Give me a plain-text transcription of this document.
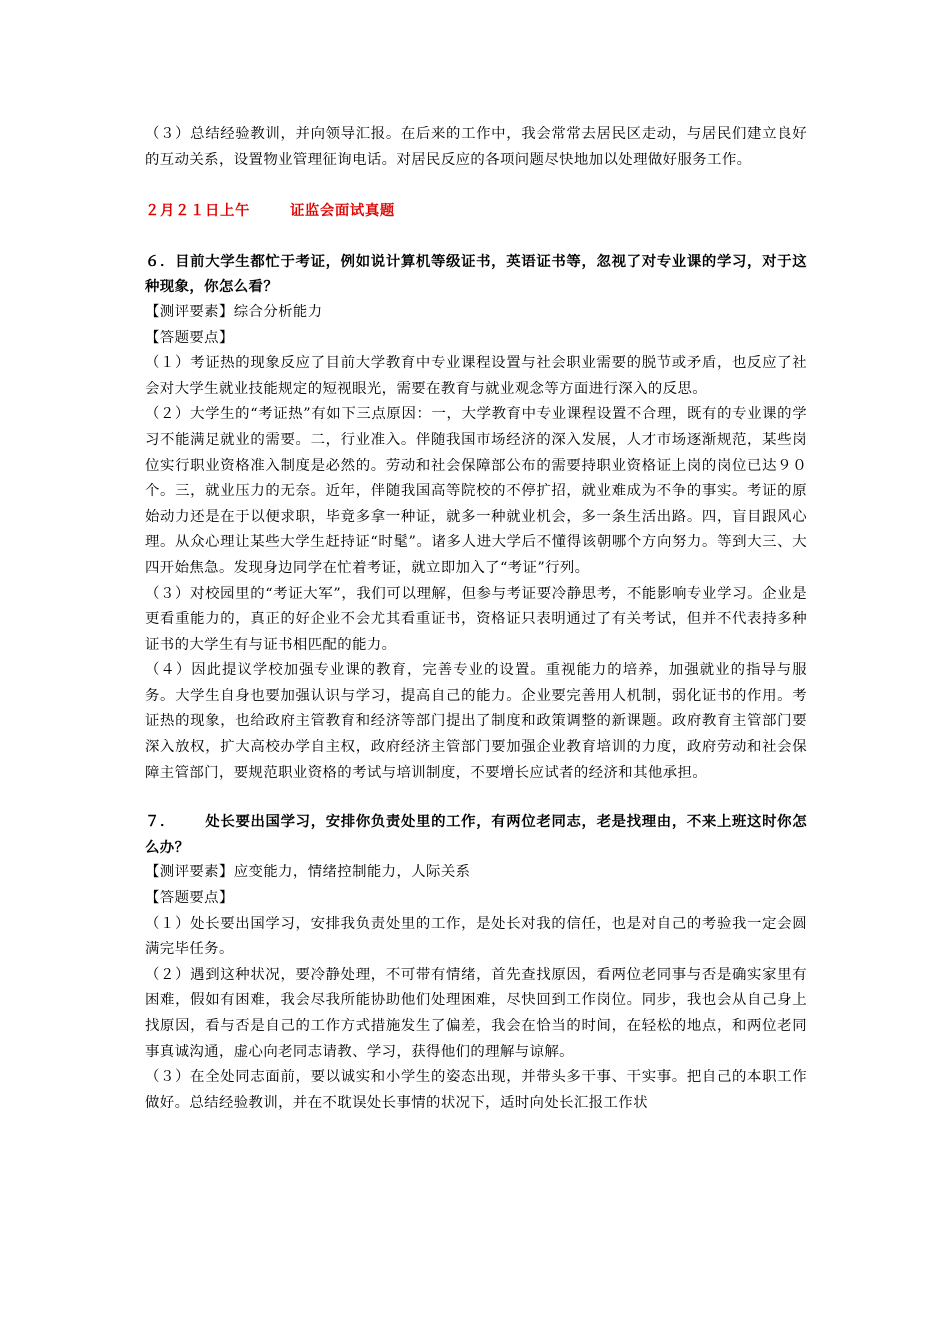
（３）总结经验教训，并向领导汇报。在后来的工作中，我会常常去居民区走动，与居民们建立良好的互动关系，设置物业管理征询电话。对居民反应的各项问题尽快地加以处理做好服务工作。

２月２１日上午	证监会面试真题

６．目前大学生都忙于考证，例如说计算机等级证书，英语证书等，忽视了对专业课的学习，对于这种现象，你怎么看？

【测评要素】综合分析能力

【答题要点】

（１）考证热的现象反应了目前大学教育中专业课程设置与社会职业需要的脱节或矛盾，也反应了社会对大学生就业技能规定的短视眼光，需要在教育与就业观念等方面进行深入的反思。

（２）大学生的“考证热”有如下三点原因：一，大学教育中专业课程设置不合理，既有的专业课的学习不能满足就业的需要。二，行业准入。伴随我国市场经济的深入发展，人才市场逐渐规范，某些岗位实行职业资格准入制度是必然的。劳动和社会保障部公布的需要持职业资格证上岗的岗位已达９０个。三，就业压力的无奈。近年，伴随我国高等院校的不停扩招，就业难成为不争的事实。考证的原始动力还是在于以便求职，毕竟多拿一种证，就多一种就业机会，多一条生活出路。四，盲目跟风心理。从众心理让某些大学生赶持证“时髦”。诸多人进大学后不懂得该朝哪个方向努力。等到大三、大四开始焦急。发现身边同学在忙着考证，就立即加入了“考证”行列。

（３）对校园里的“考证大军”，我们可以理解，但参与考证要冷静思考，不能影响专业学习。企业是更看重能力的，真正的好企业不会尤其看重证书，资格证只表明通过了有关考试，但并不代表持多种证书的大学生有与证书相匹配的能力。

（４）因此提议学校加强专业课的教育，完善专业的设置。重视能力的培养，加强就业的指导与服务。大学生自身也要加强认识与学习，提高自己的能力。企业要完善用人机制，弱化证书的作用。考证热的现象，也给政府主管教育和经济等部门提出了制度和政策调整的新课题。政府教育主管部门要深入放权，扩大高校办学自主权，政府经济主管部门要加强企业教育培训的力度，政府劳动和社会保障主管部门，要规范职业资格的考试与培训制度，不要增长应试者的经济和其他承担。

７． 处长要出国学习，安排你负责处里的工作，有两位老同志，老是找理由，不来上班这时你怎么办？

【测评要素】应变能力，情绪控制能力，人际关系

【答题要点】

（１）处长要出国学习，安排我负责处里的工作，是处长对我的信任，也是对自己的考验我一定会圆满完毕任务。

（２）遇到这种状况，要冷静处理，不可带有情绪，首先查找原因，看两位老同事与否是确实家里有困难，假如有困难，我会尽我所能协助他们处理困难，尽快回到工作岗位。同步，我也会从自己身上找原因，看与否是自己的工作方式措施发生了偏差，我会在恰当的时间，在轻松的地点，和两位老同事真诚沟通，虚心向老同志请教、学习，获得他们的理解与谅解。

（３）在全处同志面前，要以诚实和小学生的姿态出现，并带头多干事、干实事。把自己的本职工作做好。总结经验教训，并在不耽误处长事情的状况下，适时向处长汇报工作状
